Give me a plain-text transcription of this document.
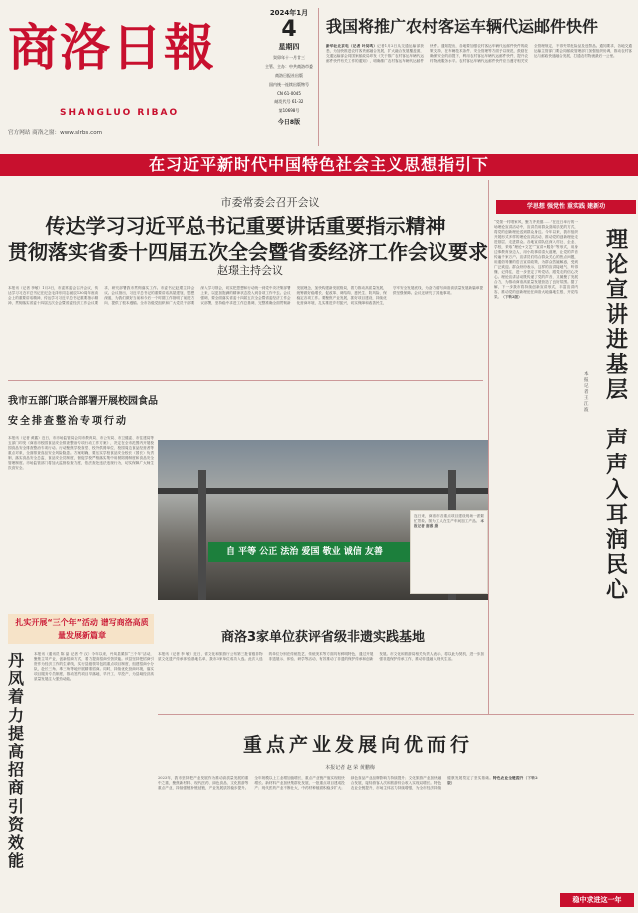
商洛日報
SHANGLUO RIBAO
官方网站 商洛之窗：www.slrbs.com
2024年1月
4
星期四
癸卯年十一月廿三
主管、主办：中共商洛市委
商洛日报社出版
国内统一连续出版物号
CN 61-0045
邮发代号 61-32
第10698号
今日8版
我国将推广农村客运车辆代运邮件快件
新华社北京电（记者 叶昊鸣）记者1月2日从交通运输部获悉，为加快推进农村客货邮融合发展，扩大融合发展覆盖面，交通运输部会同国家邮政局印发《关于推广农村客运车辆代运邮件快件有关工作的通知》，明确推广农村客运车辆代运邮件快件。通知提出，各地要加强农村客运车辆代运邮件快件的政策支持，在车辆技术条件、安全管理等方面予以规范，鼓励在确保安全的前提下，利用农村客运车辆代运邮件快件，提升农村物流服务水平。农村客运车辆代运邮件快件应当遵守相关安全管理规定，不得夹带危险品及违禁品。通知要求，各地交通运输主管部门要会同邮政管理部门加强组织协调，推动农村客运与邮政快递融合发展，打通农村物流最后一公里。
在习近平新时代中国特色社会主义思想指引下
市委常委会召开会议
传达学习习近平总书记重要讲话重要指示精神
贯彻落实省委十四届五次全会暨省委经济工作会议要求
赵璟主持会议
本报讯（记者 李敏）1月3日，市委常委会召开会议，传达学习习近平总书记在纪念毛泽东同志诞辰130周年座谈会上的重要讲话精神，传达学习习近平总书记重要指示精神，贯彻落实省委十四届五次全会暨省委经济工作会议要求，研究部署我市贯彻落实工作。市委书记赵璟主持会议。会议指出，习近平总书记的重要讲话高屋建瓴、思想深邃，为我们做好当前和今后一个时期工作指明了前进方向、提供了根本遵循。全市各级党组织和广大党员干部要深入学习领会，切实把思想和行动统一到党中央决策部署上来，以更加饱满的精神状态投入到各项工作中去。会议强调，要全面落实省委十四届五次全会暨省委经济工作会议部署，坚持稳中求进工作总基调，完整准确全面贯彻新发展理念，加快构建新发展格局，着力推动高质量发展，统筹做好稳增长、促改革、调结构、惠民生、防风险、保稳定各项工作。要聚焦产业发展，抓好项目建设，持续优化营商环境，扎实推进乡村振兴，切实保障和改善民生，守牢安全发展底线，为奋力谱写商洛高质量发展新篇章提供坚强保障。会议还研究了其他事项。
学思想 强党性 重实践 建新功
理论宣讲进基层
声声入耳润民心
本报记者 王江波
“党领一村唱家风，聚力齐美德……”在近日举行的一场理论宣讲活动中，宣讲员用群众喜闻乐见的方式，将党的创新理论送到群众身边。今年以来，我市组织开展形式多样的理论宣讲活动，推动党的创新理论走进基层、走进群众。各地宣讲队伍深入村社、企业、学校，采取“理论+文艺”“宣讲+服务”等形式，用身边事教育身边人，用小故事讲清大道理，让党的声音传遍千家万户。宣讲员们结合群众关心的热点问题，用通俗易懂的语言宣讲政策，为群众答疑解惑，受到广泛欢迎。群众纷纷表示，这样的宣讲接地气、听得懂、记得住，进一步坚定了听党话、跟党走的信心决心。理论宣讲活动既传递了党的声音，又凝聚了发展合力，为推动商洛高质量发展营造了良好氛围。据了解，下一步我市将持续创新宣讲形式，丰富宣讲内容，推动党的创新理论在商洛大地落地生根、开花结果。（下转2版）
我市五部门联合部署开展校园食品
安全排查整治专项行动
本报讯（记者 黄鑫）近日，市市场监管局会同市教育局、市公安局、市卫健委、市住建局等五部门印发《商洛市校园食品安全排查整治专项行动工作方案》，决定在全市范围内开展校园食品安全排查整治专项行动。行动聚焦学校食堂、校外供餐单位、校园周边食品经营者等重点对象，全面排查食品安全风险隐患。方案明确，要压实学校食品安全校长（园长）负责制，落实食品安全总监、食品安全员制度，督促学校严格落实集中用餐陪餐制度和食品安全管理制度。市场监管部门将加大监督检查力度，依法查处违法违规行为，切实保障广大师生饮食安全。
自 平等 公正 法治 爱国 敬业 诚信 友善
连日来，商洛市各重点项目建设现场一派繁忙景象。图为工人在生产车间加工产品。 本报记者 谢睿 摄
扎实开展“三个年”活动 谱写商洛高质量发展新篇章
丹凤着力提高招商引资效能
本报讯（通讯员 陈 晶 记者 牛 汉）今年以来，丹凤县紧扣“三个年”活动，聚焦主导产业，创新招商方式，着力提高招商引资效能。该县坚持把招商引资作为经济工作的生命线，实行县级领导包抓重点项目制度，组建招商小分队，赴长三角、珠三角等地开展精准招商。同时，持续优化营商环境，落实项目服务专员制度，推动签约项目早落地、早开工、早投产，为县域经济高质量发展注入强劲动能。
商洛3家单位获评省级非遗实践基地
本报讯（记者 李 敏）近日，省文化和旅游厅公布第三批省级非物质文化遗产传承体验基地名单，我市3家单位成功入选。此次入选的单位分别在传统技艺、传统美术等方面具有鲜明特色，通过开展非遗展示、体验、研学等活动，有效推动了非遗的保护传承和创新发展。市文化和旅游局相关负责人表示，将以此为契机，进一步加强非遗保护传承工作，推动非遗融入现代生活。
重点产业发展向优而行
本报记者 赵 荣 黄鹏梅
2023年，我市坚持把产业发展作为推动高质量发展的重中之重，聚焦新材料、现代医药、绿色食品、文化旅游等重点产业，持续强链补链延链，产业发展质效稳步提升。全年规模以上工业增加值增长，重点产业链产值实现较快增长。新材料产业加快集群化发展，一批重点项目建成投产；现代医药产业不断壮大，中药材种植面积稳步扩大；绿色食品产业品牌影响力持续提升；文化旅游产业加快融合发展，接待游客人次和旅游综合收入实现双增长。特色农业全链提升，市场主体活力持续增强，为全市经济持续健康发展奠定了坚实基础。特色农业全链提升（下转2版）
稳中求进这一年
